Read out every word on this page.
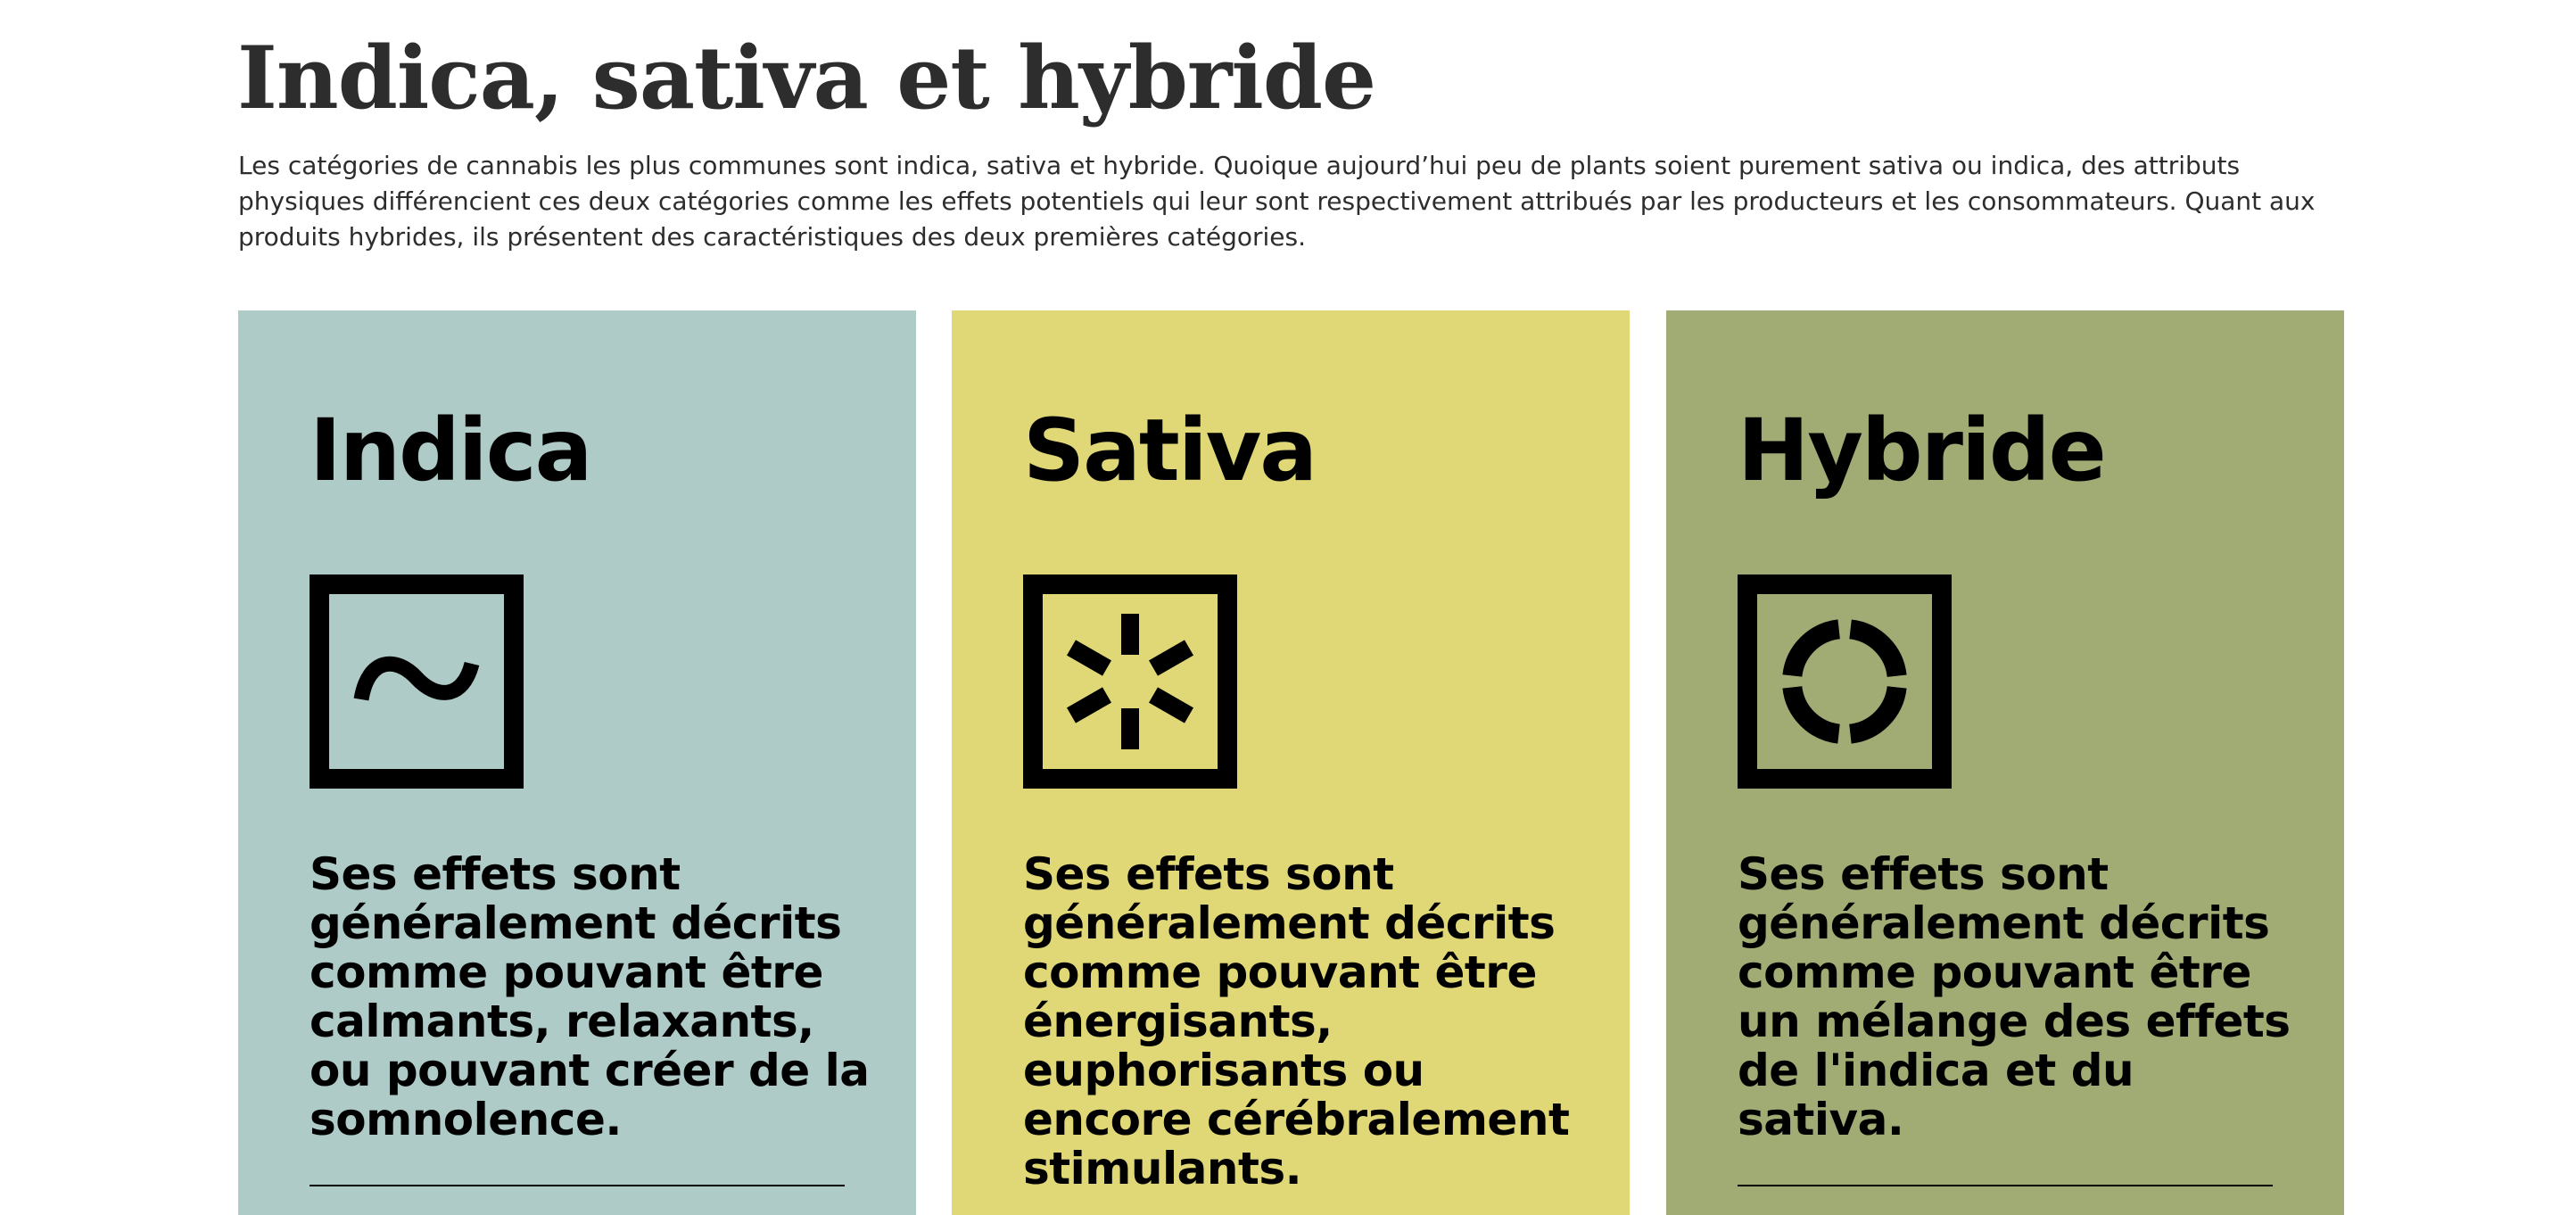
Indica, sativa et hybride

Les catégories de cannabis les plus communes sont indica, sativa et hybride. Quoique aujourd’hui peu de plants soient purement sativa ou indica, des attributs physiques différencient ces deux catégories comme les effets potentiels qui leur sont respectivement attribués par les producteurs et les consommateurs. Quant aux produits hybrides, ils présentent des caractéristiques des deux premières catégories.

Indica

Ses effets sont généralement décrits comme pouvant être calmants, relaxants, ou pouvant créer de la somnolence.

Sativa

Ses effets sont généralement décrits comme pouvant être énergisants, euphorisants ou encore cérébralement stimulants.

Hybride

Ses effets sont généralement décrits comme pouvant être un mélange des effets de l'indica et du sativa.
